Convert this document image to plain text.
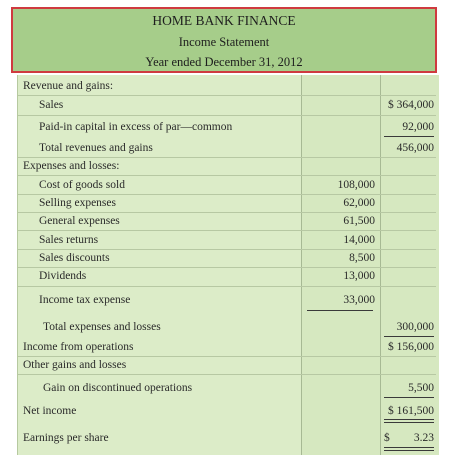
HOME BANK FINANCE
Income Statement
Year ended December 31, 2012
Revenue and gains:
Sales	$ 364,000
Paid-in capital in excess of par—common	92,000
Total revenues and gains	456,000
Expenses and losses:
Cost of goods sold	108,000
Selling expenses	62,000
General expenses	61,500
Sales returns	14,000
Sales discounts	8,500
Dividends	13,000
Income tax expense	33,000
Total expenses and losses	300,000
Income from operations	$ 156,000
Other gains and losses
Gain on discontinued operations	5,500
Net income	$ 161,500
Earnings per share	$	3.23
